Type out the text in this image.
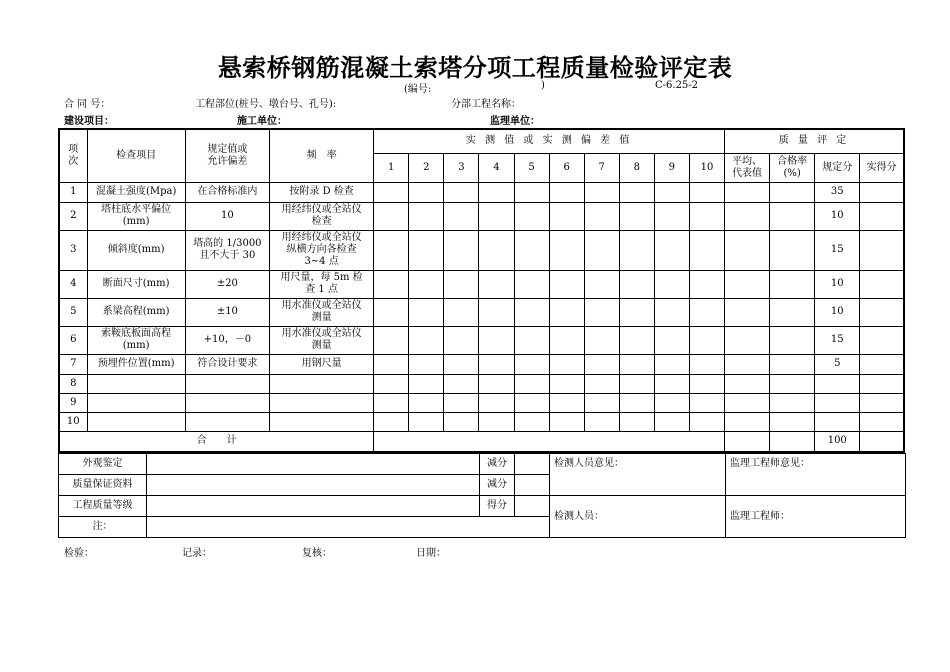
悬索桥钢筋混凝土索塔分项工程质量检验评定表
(编号:	)	C-6.25-2
合 同 号：	工程部位(桩号、墩台号、孔号):	分部工程名称：
建设项目：	施工单位：	监理单位：
项
次	检查项目	规定值或
允许偏差	频　率	实 测 值 或 实 测 偏 差 值										质 量 评 定			
				1	2	3	4	5	6	7	8	9	10	平均、
代表值	合格率
(%)	规定分	实得分
1	混凝土强度(Mpa)	在合格标准内	按附录 D 检查													35	
2	塔柱底水平偏位
(mm)	10	用经纬仪或全站仪
检查													10	
3	倾斜度(mm)	塔高的 1/3000
且不大于 30	用经纬仪或全站仪
纵横方向各检查
3~4 点													15	
4	断面尺寸(mm)	±20	用尺量，每 5m 检
查 1 点													10	
5	系梁高程(mm)	±10	用水准仪或全站仪
测量													10	
6	索鞍底板面高程
(mm)	+10，－0	用水准仪或全站仪
测量													15	
7	预埋件位置(mm)	符合设计要求	用钢尺量													5	
8																	
9																	
10																	
合　　计																100	
外观鉴定		减分		检测人员意见：	监理工程师意见：
质量保证资料		减分			
工程质量等级		得分		检测人员：	监理工程师：
注：					
检验：	记录：	复核：	日期：
